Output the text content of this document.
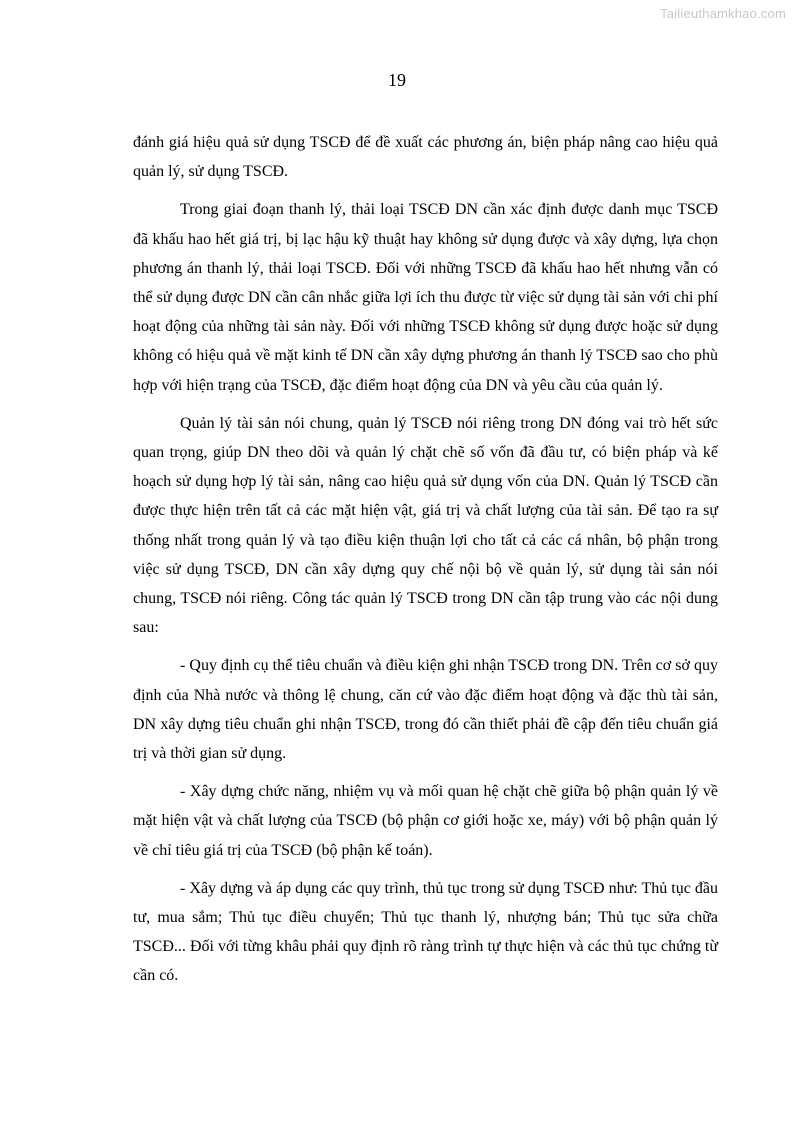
Tailieuthamkhao.com
19

đánh giá hiệu quả sử dụng TSCĐ để đề xuất các phương án, biện pháp nâng cao hiệu quả quản lý, sử dụng TSCĐ.

Trong giai đoạn thanh lý, thải loại TSCĐ DN cần xác định được danh mục TSCĐ đã khấu hao hết giá trị, bị lạc hậu kỹ thuật hay không sử dụng được và xây dựng, lựa chọn phương án thanh lý, thải loại TSCĐ. Đối với những TSCĐ đã khấu hao hết nhưng vẫn có thể sử dụng được DN cần cân nhắc giữa lợi ích thu được từ việc sử dụng tài sản với chi phí hoạt động của những tài sản này. Đối với những TSCĐ không sử dụng được hoặc sử dụng không có hiệu quả về mặt kinh tế DN cần xây dựng phương án thanh lý TSCĐ sao cho phù hợp với hiện trạng của TSCĐ, đặc điểm hoạt động của DN và yêu cầu của quản lý.

Quản lý tài sản nói chung, quản lý TSCĐ nói riêng trong DN đóng vai trò hết sức quan trọng, giúp DN theo dõi và quản lý chặt chẽ số vốn đã đầu tư, có biện pháp và kế hoạch sử dụng hợp lý tài sản, nâng cao hiệu quả sử dụng vốn của DN. Quản lý TSCĐ cần được thực hiện trên tất cả các mặt hiện vật, giá trị và chất lượng của tài sản. Để tạo ra sự thống nhất trong quản lý và tạo điều kiện thuận lợi cho tất cả các cá nhân, bộ phận trong việc sử dụng TSCĐ, DN cần xây dựng quy chế nội bộ về quản lý, sử dụng tài sản nói chung, TSCĐ nói riêng. Công tác quản lý TSCĐ trong DN cần tập trung vào các nội dung sau:

- Quy định cụ thể tiêu chuẩn và điều kiện ghi nhận TSCĐ trong DN. Trên cơ sở quy định của Nhà nước và thông lệ chung, căn cứ vào đặc điểm hoạt động và đặc thù tài sản, DN xây dựng tiêu chuẩn ghi nhận TSCĐ, trong đó cần thiết phải đề cập đến tiêu chuẩn giá trị và thời gian sử dụng.

- Xây dựng chức năng, nhiệm vụ và mối quan hệ chặt chẽ giữa bộ phận quản lý về mặt hiện vật và chất lượng của TSCĐ (bộ phận cơ giới hoặc xe, máy) với bộ phận quản lý về chỉ tiêu giá trị của TSCĐ (bộ phận kế toán).

- Xây dựng và áp dụng các quy trình, thủ tục trong sử dụng TSCĐ như: Thủ tục đầu tư, mua sắm; Thủ tục điều chuyển; Thủ tục thanh lý, nhượng bán; Thủ tục sửa chữa TSCĐ... Đối với từng khâu phải quy định rõ ràng trình tự thực hiện và các thủ tục chứng từ cần có.
